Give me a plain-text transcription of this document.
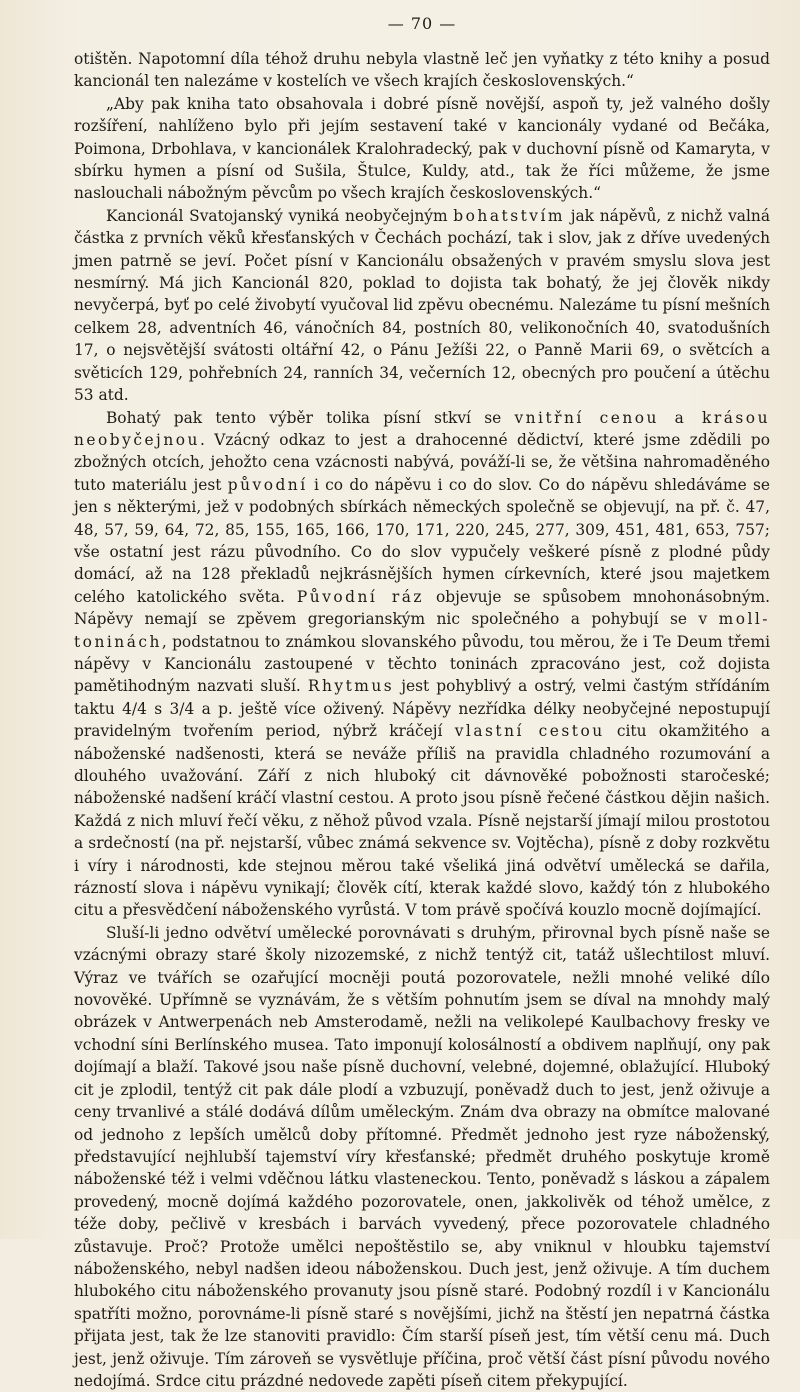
— 70 —

otištěn. Napotomní díla téhož druhu nebyla vlastně leč jen vyňatky z této knihy a posud kancionál ten nalezáme v kostelích ve všech krajích československých.“

„Aby pak kniha tato obsahovala i dobré písně novější, aspoň ty, jež valného došly rozšíření, nahlíženo bylo při jejím sestavení také v kancionály vydané od Bečáka, Poimona, Drbohlava, v kancionálek Kralohradecký, pak v duchovní písně od Kamaryta, v sbírku hymen a písní od Sušila, Štulce, Kuldy, atd., tak že říci můžeme, že jsme naslouchali nábožným pěvcům po všech krajích československých.“

Kancionál Svatojanský vyniká neobyčejným bohatstvím jak nápěvů, z nichž valná částka z prvních věků křesťanských v Čechách pochází, tak i slov, jak z dříve uvedených jmen patrně se jeví. Počet písní v Kancionálu obsažených v pravém smyslu slova jest nesmírný. Má jich Kancionál 820, poklad to dojista tak bohatý, že jej člověk nikdy nevyčerpá, byť po celé živobytí vyučoval lid zpěvu obecnému. Nalezáme tu písní mešních celkem 28, adventních 46, vánočních 84, postních 80, velikonočních 40, svatodušních 17, o nejsvětější svátosti oltářní 42, o Pánu Ježíši 22, o Panně Marii 69, o světcích a světicích 129, pohřebních 24, ranních 34, večerních 12, obecných pro poučení a útěchu 53 atd.

Bohatý pak tento výběr tolika písní stkví se vnitřní cenou a krásou neobyčejnou. Vzácný odkaz to jest a drahocenné dědictví, které jsme zdědili po zbožných otcích, jehožto cena vzácnosti nabývá, pováží-li se, že většina nahromaděného tuto materiálu jest původní i co do nápěvu i co do slov. Co do nápěvu shledáváme se jen s některými, jež v podobných sbírkách německých společně se objevují, na př. č. 47, 48, 57, 59, 64, 72, 85, 155, 165, 166, 170, 171, 220, 245, 277, 309, 451, 481, 653, 757; vše ostatní jest rázu původního. Co do slov vypučely veškeré písně z plodné půdy domácí, až na 128 překladů nejkrásnějších hymen církevních, které jsou majetkem celého katolického světa. Původní ráz objevuje se spůsobem mnohonásobným. Nápěvy nemají se zpěvem gregorianským nic společného a pohybují se v moll-toninách, podstatnou to známkou slovanského původu, tou měrou, že i Te Deum třemi nápěvy v Kancionálu zastoupené v těchto toninách zpracováno jest, což dojista pamětihodným nazvati sluší. Rhytmus jest pohyblivý a ostrý, velmi častým střídáním taktu 4/4 s 3/4 a p. ještě více oživený. Nápěvy nezřídka délky neobyčejné nepostupují pravidelným tvořením period, nýbrž kráčejí vlastní cestou citu okamžitého a náboženské nadšenosti, která se neváže příliš na pravidla chladného rozumování a dlouhého uvažování. Září z nich hluboký cit dávnověké pobožnosti staročeské; náboženské nadšení kráčí vlastní cestou. A proto jsou písně řečené částkou dějin našich. Každá z nich mluví řečí věku, z něhož původ vzala. Písně nejstarší jímají milou prostotou a srdečností (na př. nejstarší, vůbec známá sekvence sv. Vojtěcha), písně z doby rozkvětu i víry i národnosti, kde stejnou měrou také všeliká jiná odvětví umělecká se dařila, rázností slova i nápěvu vynikají; člověk cítí, kterak každé slovo, každý tón z hlubokého citu a přesvědčení náboženského vyrůstá. V tom právě spočívá kouzlo mocně dojímající.

Sluší-li jedno odvětví umělecké porovnávati s druhým, přirovnal bych písně naše se vzácnými obrazy staré školy nizozemské, z nichž tentýž cit, tatáž ušlechtilost mluví. Výraz ve tvářích se ozařující mocněji poutá pozorovatele, nežli mnohé veliké dílo novověké. Upřímně se vyznávám, že s větším pohnutím jsem se díval na mnohdy malý obrázek v Antwerpenách neb Amsterodamě, nežli na velikolepé Kaulbachovy fresky ve vchodní síni Berlínského musea. Tato imponují kolosálností a obdivem naplňují, ony pak dojímají a blaží. Takové jsou naše písně duchovní, velebné, dojemné, oblažující. Hluboký cit je zplodil, tentýž cit pak dále plodí a vzbuzují, poněvadž duch to jest, jenž oživuje a ceny trvanlivé a stálé dodává dílům uměleckým. Znám dva obrazy na obmítce malované od jednoho z lepších umělců doby přítomné. Předmět jednoho jest ryze náboženský, představující nejhlubší tajemství víry křesťanské; předmět druhého poskytuje kromě náboženské též i velmi vděčnou látku vlasteneckou. Tento, poněvadž s láskou a zápalem provedený, mocně dojímá každého pozorovatele, onen, jakkolivěk od téhož umělce, z téže doby, pečlivě v kresbách i barvách vyvedený, přece pozorovatele chladného zůstavuje. Proč? Protože umělci nepoštěstilo se, aby vniknul v hloubku tajemství náboženského, nebyl nadšen ideou náboženskou. Duch jest, jenž oživuje. A tím duchem hlubokého citu náboženského provanuty jsou písně staré. Podobný rozdíl i v Kancionálu spatříti možno, porovnáme-li písně staré s novějšími, jichž na štěstí jen nepatrná částka přijata jest, tak že lze stanoviti pravidlo: Čím starší píseň jest, tím větší cenu má. Duch jest, jenž oživuje. Tím zároveň se vysvětluje příčina, proč větší část písní původu nového nedojímá. Srdce citu prázdné nedovede zapěti píseň citem překypující.
